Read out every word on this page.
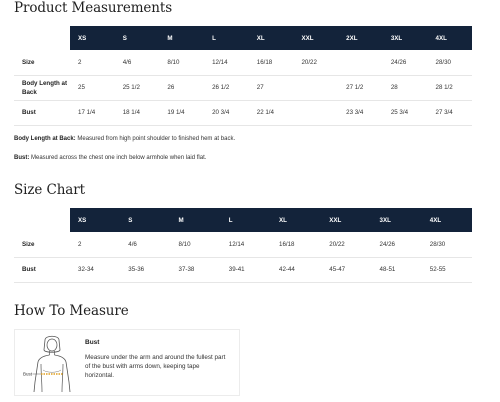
Product Measurements
	XS	S	M	L	XL	XXL	2XL	3XL	4XL
Size	2	4/6	8/10	12/14	16/18	20/22		24/26	28/30
Body Length at Back	25	25 1/2	26	26 1/2	27		27 1/2	28	28 1/2
Bust	17 1/4	18 1/4	19 1/4	20 3/4	22 1/4		23 3/4	25 3/4	27 3/4

Body Length at Back: Measured from high point shoulder to finished hem at back.

Bust: Measured across the chest one inch below armhole when laid flat.

Size Chart
	XS	S	M	L	XL	XXL	3XL	4XL
Size	2	4/6	8/10	12/14	16/18	20/22	24/26	28/30
Bust	32-34	35-36	37-38	39-41	42-44	45-47	48-51	52-55
How To Measure
Bust
Bust
Measure under the arm and around the fullest part of the bust with arms down, keeping tape horizontal.
